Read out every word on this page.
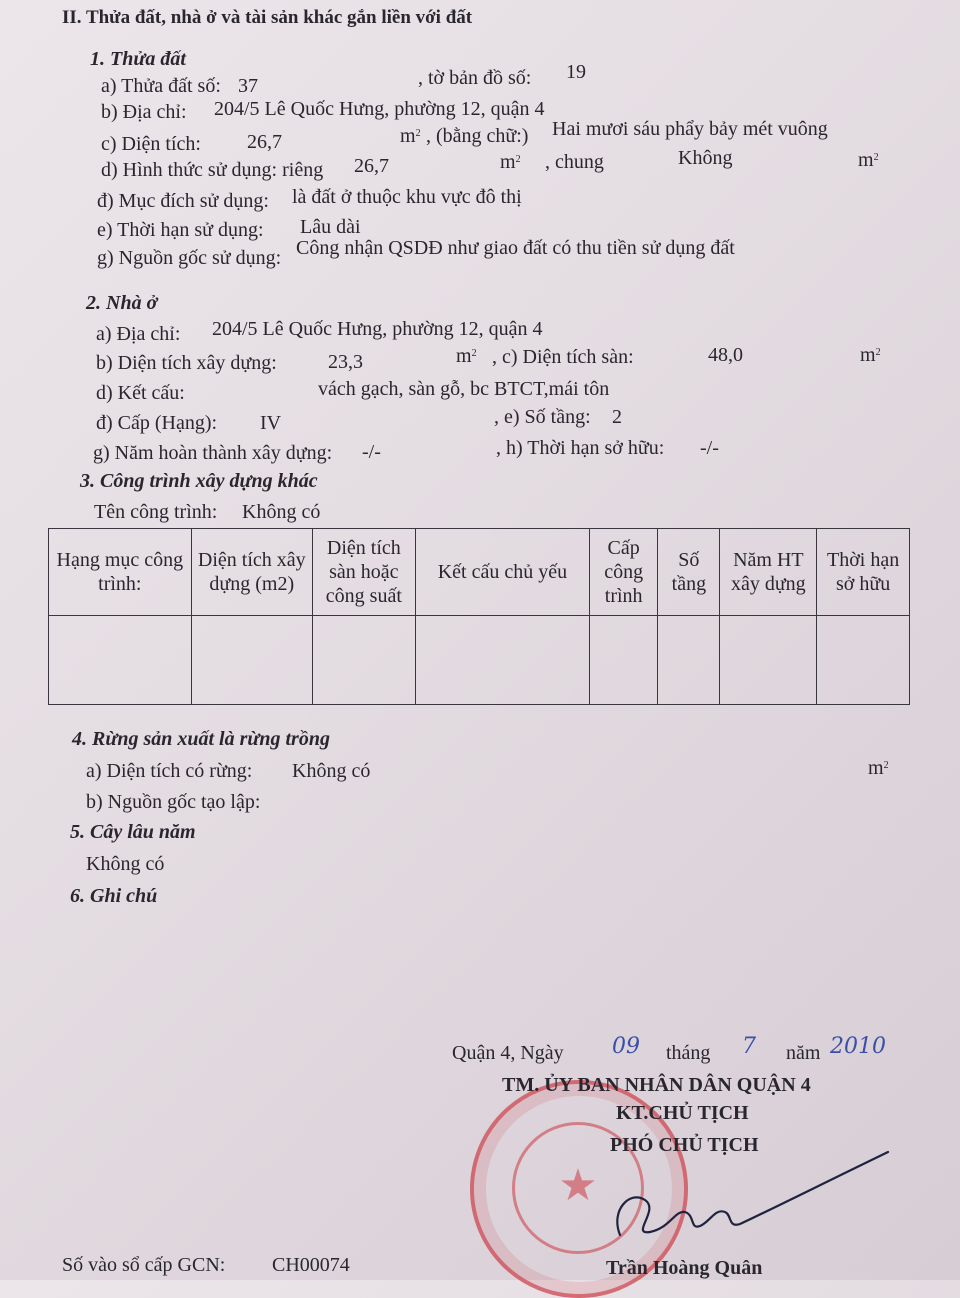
II. Thửa đất, nhà ở và tài sản khác gắn liền với đất
1. Thửa đất
a) Thửa đất số: 37	, tờ bản đồ số: 19
b) Địa chỉ: 204/5 Lê Quốc Hưng, phường 12, quận 4
c) Diện tích: 26,7	$m^2$ , (bằng chữ:) Hai mươi sáu phẩy bảy mét vuông
d) Hình thức sử dụng: riêng 26,7	$m^2$ , chung	Không	$m^2$
đ) Mục đích sử dụng: là đất ở thuộc khu vực đô thị
e) Thời hạn sử dụng: Lâu dài
g) Nguồn gốc sử dụng: Công nhận QSDĐ như giao đất có thu tiền sử dụng đất
2. Nhà ở
a) Địa chỉ: 204/5 Lê Quốc Hưng, phường 12, quận 4
b) Diện tích xây dựng:	23,3	$m^2$ , c) Diện tích sàn:	48,0	$m^2$
d) Kết cấu:	vách gạch, sàn gỗ, bc BTCT,mái tôn
đ) Cấp (Hạng): IV	, e) Số tầng: 2
g) Năm hoàn thành xây dựng: -/-	, h) Thời hạn sở hữu: -/-
3. Công trình xây dựng khác
Tên công trình: Không có
Hạng mục công trình:	Diện tích xây dựng (m2)	Diện tích sàn hoặc công suất	Kết cấu chủ yếu	Cấp công trình	Số tầng	Năm HT xây dựng	Thời hạn sở hữu

4. Rừng sản xuất là rừng trồng
a) Diện tích có rừng: Không có	$m^2$
b) Nguồn gốc tạo lập:
5. Cây lâu năm
Không có
6. Ghi chú
★
Quận 4, Ngày 09 tháng 7 năm 2010
TM. ỦY BAN NHÂN DÂN QUẬN 4
KT.CHỦ TỊCH
PHÓ CHỦ TỊCH
Trần Hoàng Quân
Số vào sổ cấp GCN: CH00074
